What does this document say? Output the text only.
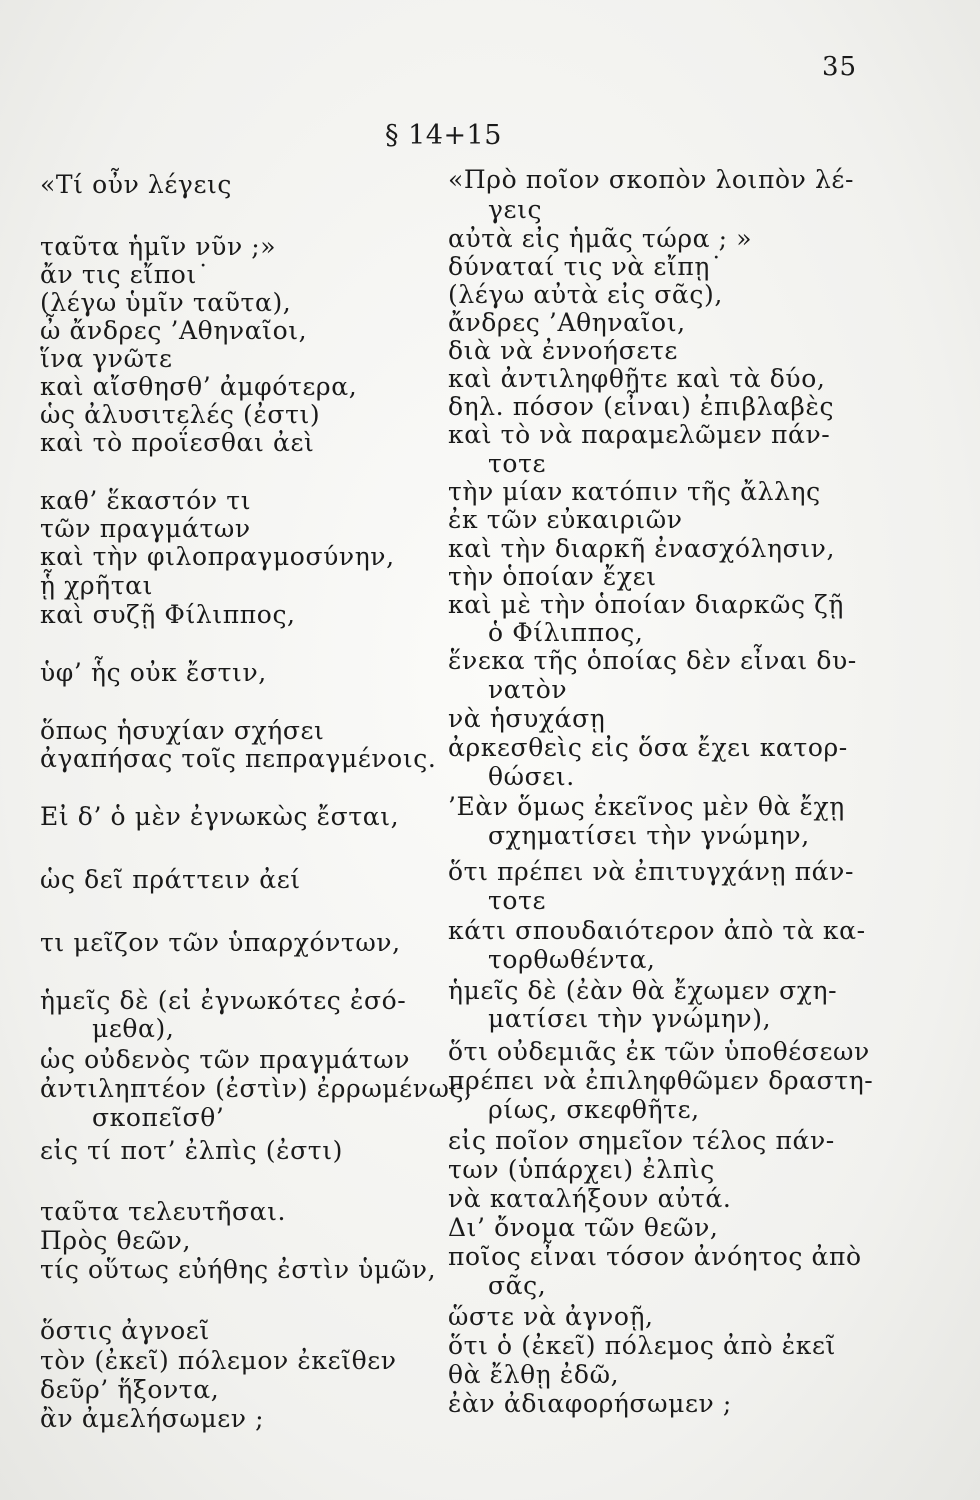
35
§ 14+15
«Τί οὖν λέγεις
ταῦτα ἡμῖν νῦν ;»
ἄν τις εἴποι˙
(λέγω ὑμῖν ταῦτα),
ὦ ἄνδρες ’Αθηναῖοι,
ἵνα γνῶτε
καὶ αἴσθησθ’ ἀμφότερα,
ὡς ἀλυσιτελές (ἐστι)
καὶ τὸ προΐεσθαι ἀεὶ
καθ’ ἕκαστόν τι
τῶν πραγμάτων
καὶ τὴν φιλοπραγμοσύνην,
ᾗ χρῆται
καὶ συζῇ Φίλιππος,
ὑφ’ ἧς οὐκ ἔστιν,
ὅπως ἡσυχίαν σχήσει
ἀγαπήσας τοῖς πεπραγμένοις.
Εἰ δ’ ὁ μὲν ἐγνωκὼς ἔσται,
ὡς δεῖ πράττειν ἀεί
τι μεῖζον τῶν ὑπαρχόντων,
ἡμεῖς δὲ (εἰ ἐγνωκότες ἐσό-
μεθα),
ὡς οὐδενὸς τῶν πραγμάτων
ἀντιληπτέον (ἐστὶν) ἐρρωμένως,
σκοπεῖσθ’
εἰς τί ποτ’ ἐλπὶς (ἐστι)
ταῦτα τελευτῆσαι.
Πρὸς θεῶν,
τίς οὕτως εὐήθης ἐστὶν ὑμῶν,
ὅστις ἀγνοεῖ
τὸν (ἐκεῖ) πόλεμον ἐκεῖθεν
δεῦρ’ ἥξοντα,
ἂν ἀμελήσωμεν ;
«Πρὸ ποῖον σκοπὸν λοιπὸν λέ-
γεις
αὐτὰ εἰς ἡμᾶς τώρα ; »
δύναταί τις νὰ εἴπῃ˙
(λέγω αὐτὰ εἰς σᾶς),
ἄνδρες ’Αθηναῖοι,
διὰ νὰ ἐννοήσετε
καὶ ἀντιληφθῆτε καὶ τὰ δύο,
δηλ. πόσον (εἶναι) ἐπιβλαβὲς
καὶ τὸ νὰ παραμελῶμεν πάν-
τοτε
τὴν μίαν κατόπιν τῆς ἄλλης
ἐκ τῶν εὐκαιριῶν
καὶ τὴν διαρκῆ ἐνασχόλησιν,
τὴν ὁποίαν ἔχει
καὶ μὲ τὴν ὁποίαν διαρκῶς ζῇ
ὁ Φίλιππος,
ἕνεκα τῆς ὁποίας δὲν εἶναι δυ-
νατὸν
νὰ ἡσυχάσῃ
ἀρκεσθεὶς εἰς ὅσα ἔχει κατορ-
θώσει.
’Εὰν ὅμως ἐκεῖνος μὲν θὰ ἔχῃ
σχηματίσει τὴν γνώμην,
ὅτι πρέπει νὰ ἐπιτυγχάνῃ πάν-
τοτε
κάτι σπουδαιότερον ἀπὸ τὰ κα-
τορθωθέντα,
ἡμεῖς δὲ (ἐὰν θὰ ἔχωμεν σχη-
ματίσει τὴν γνώμην),
ὅτι οὐδεμιᾶς ἐκ τῶν ὑποθέσεων
πρέπει νὰ ἐπιληφθῶμεν δραστη-
ρίως, σκεφθῆτε,
εἰς ποῖον σημεῖον τέλος πάν-
των (ὑπάρχει) ἐλπὶς
νὰ καταλήξουν αὐτά.
Δι’ ὄνομα τῶν θεῶν,
ποῖος εἶναι τόσον ἀνόητος ἀπὸ
σᾶς,
ὥστε νὰ ἀγνοῇ,
ὅτι ὁ (ἐκεῖ) πόλεμος ἀπὸ ἐκεῖ
θὰ ἔλθῃ ἐδῶ,
ἐὰν ἀδιαφορήσωμεν ;
